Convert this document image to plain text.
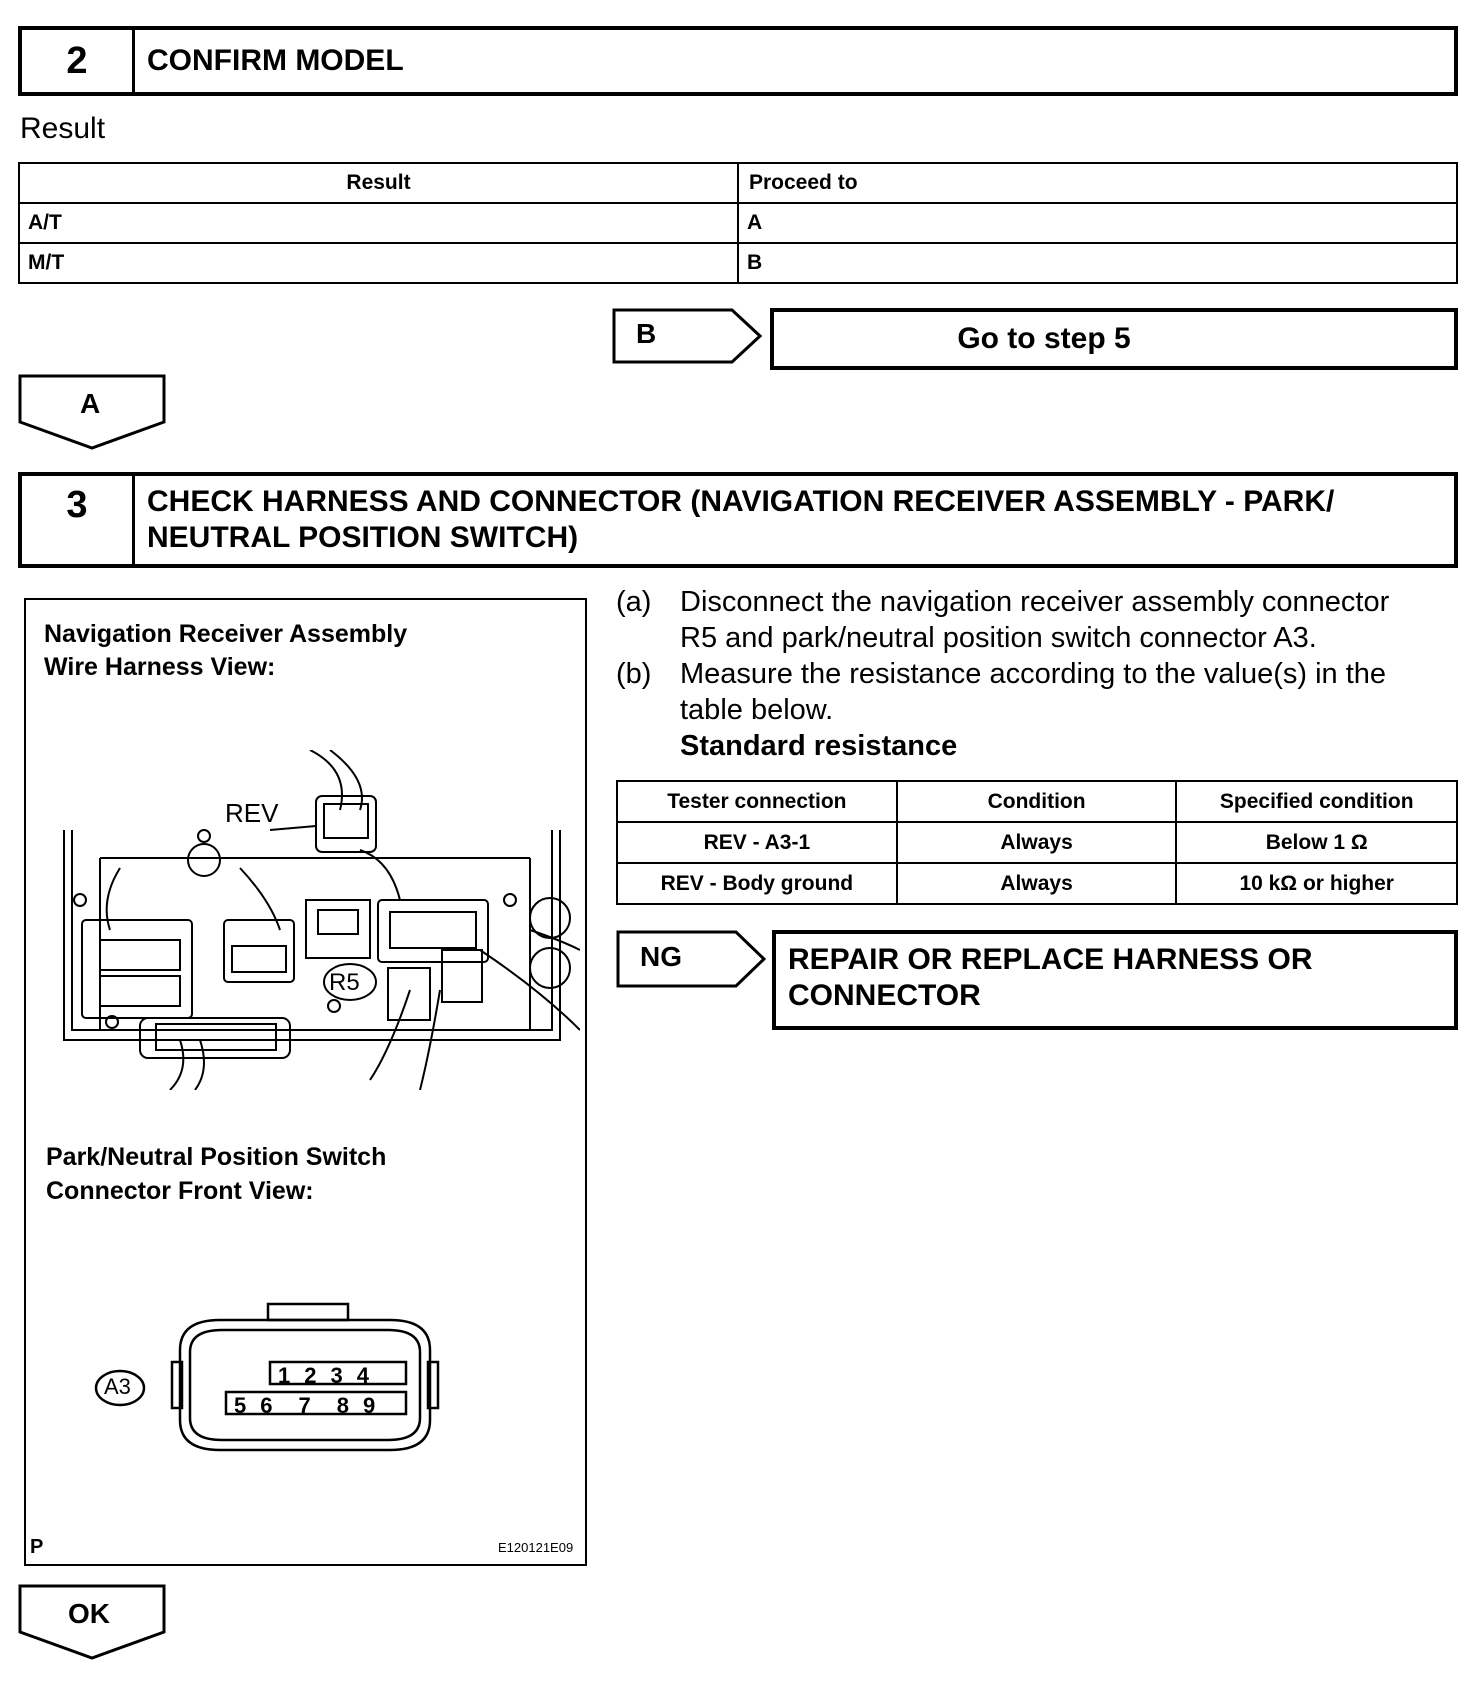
2	CONFIRM MODEL
Result
Result	Proceed to
A/T	A
M/T	B
B	Go to step 5
A
3	CHECK HARNESS AND CONNECTOR (NAVIGATION RECEIVER ASSEMBLY - PARK/
NEUTRAL POSITION SWITCH)
Navigation Receiver Assembly
Wire Harness View:
REV
R5
Park/Neutral Position Switch
Connector Front View:
A3	1234
56 7 89
P	E120121E09
(a) Disconnect the navigation receiver assembly connector
R5 and park/neutral position switch connector A3.
(b) Measure the resistance according to the value(s) in the
table below.
Standard resistance
Tester connection	Condition	Specified condition
REV - A3-1	Always	Below 1 Ω
REV - Body ground	Always	10 kΩ or higher
NG	REPAIR OR REPLACE HARNESS OR
CONNECTOR
OK
